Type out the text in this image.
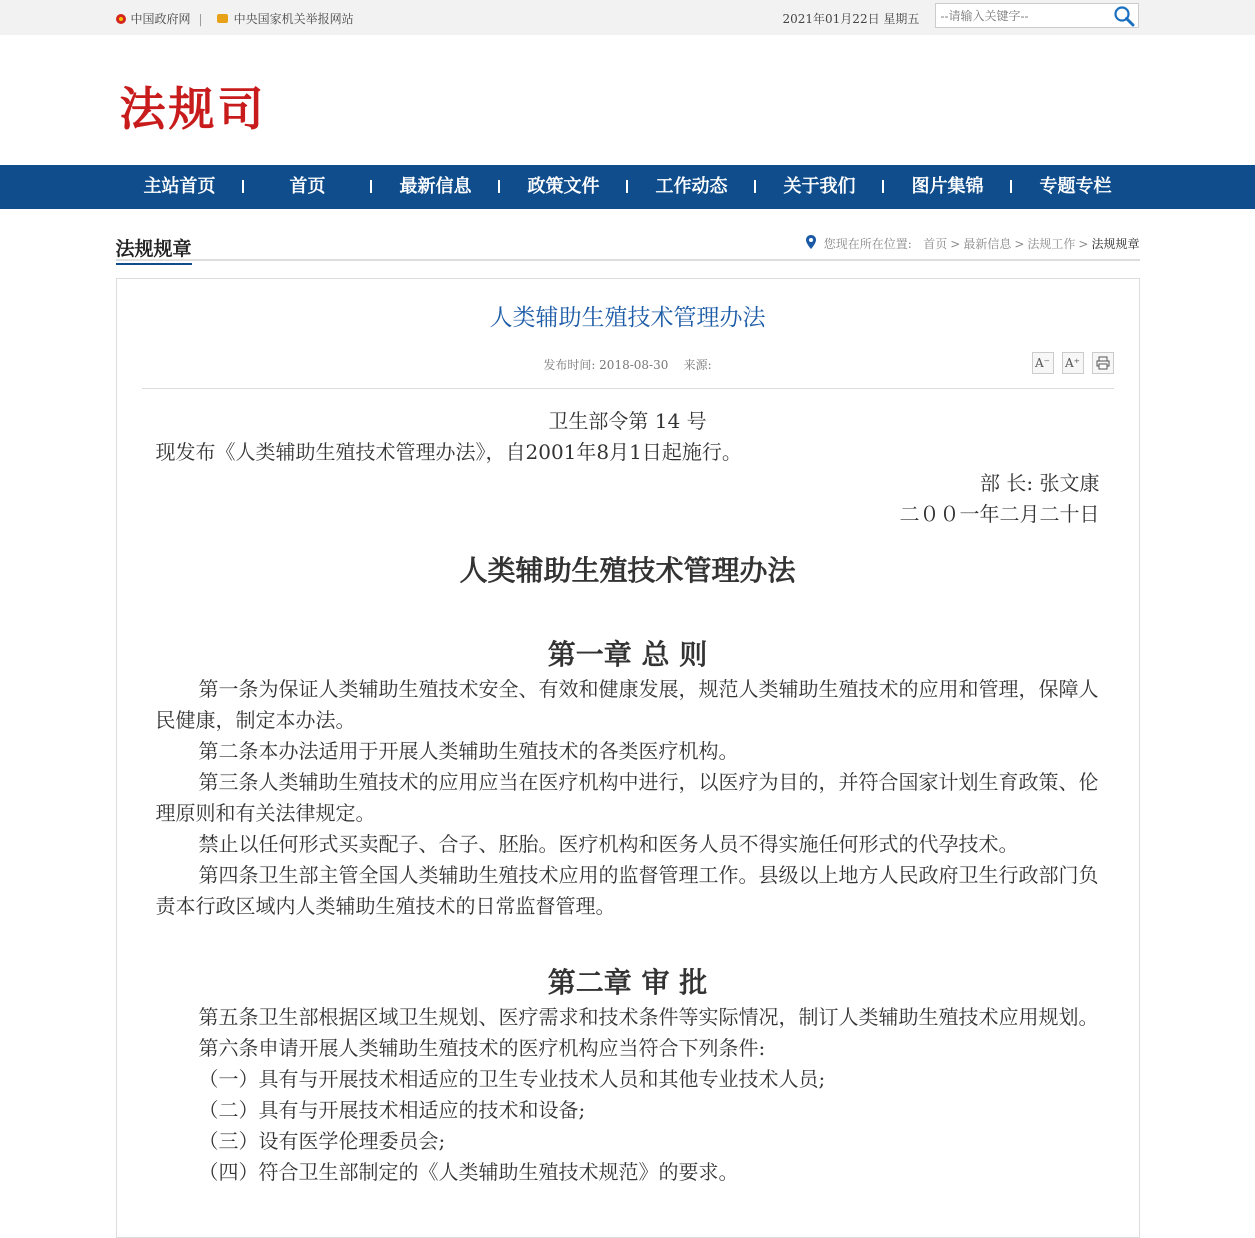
中国政府网 |	中央国家机关举报网站	2021年01月22日 星期五
--请输入关键字--
法规司
主站首页	首页	最新信息	政策文件	工作动态	关于我们	图片集锦	专题专栏
法规规章	您现在所在位置:
首页 > 最新信息 > 法规工作 > 法规规章
人类辅助生殖技术管理办法
发布时间: 2018-08-30    来源:	A⁻ A⁺

卫生部令第 14 号

现发布《人类辅助生殖技术管理办法》，自2001年8月1日起施行。

部 长: 张文康

二００一年二月二十日

人类辅助生殖技术管理办法

第一章 总 则

第一条为保证人类辅助生殖技术安全、有效和健康发展，规范人类辅助生殖技术的应用和管理，保障人民健康，制定本办法。

第二条本办法适用于开展人类辅助生殖技术的各类医疗机构。

第三条人类辅助生殖技术的应用应当在医疗机构中进行，以医疗为目的，并符合国家计划生育政策、伦理原则和有关法律规定。

禁止以任何形式买卖配子、合子、胚胎。医疗机构和医务人员不得实施任何形式的代孕技术。

第四条卫生部主管全国人类辅助生殖技术应用的监督管理工作。县级以上地方人民政府卫生行政部门负责本行政区域内人类辅助生殖技术的日常监督管理。

第二章 审 批

第五条卫生部根据区域卫生规划、医疗需求和技术条件等实际情况，制订人类辅助生殖技术应用规划。

第六条申请开展人类辅助生殖技术的医疗机构应当符合下列条件:

（一）具有与开展技术相适应的卫生专业技术人员和其他专业技术人员;

（二）具有与开展技术相适应的技术和设备;

（三）设有医学伦理委员会;

（四）符合卫生部制定的《人类辅助生殖技术规范》的要求。
